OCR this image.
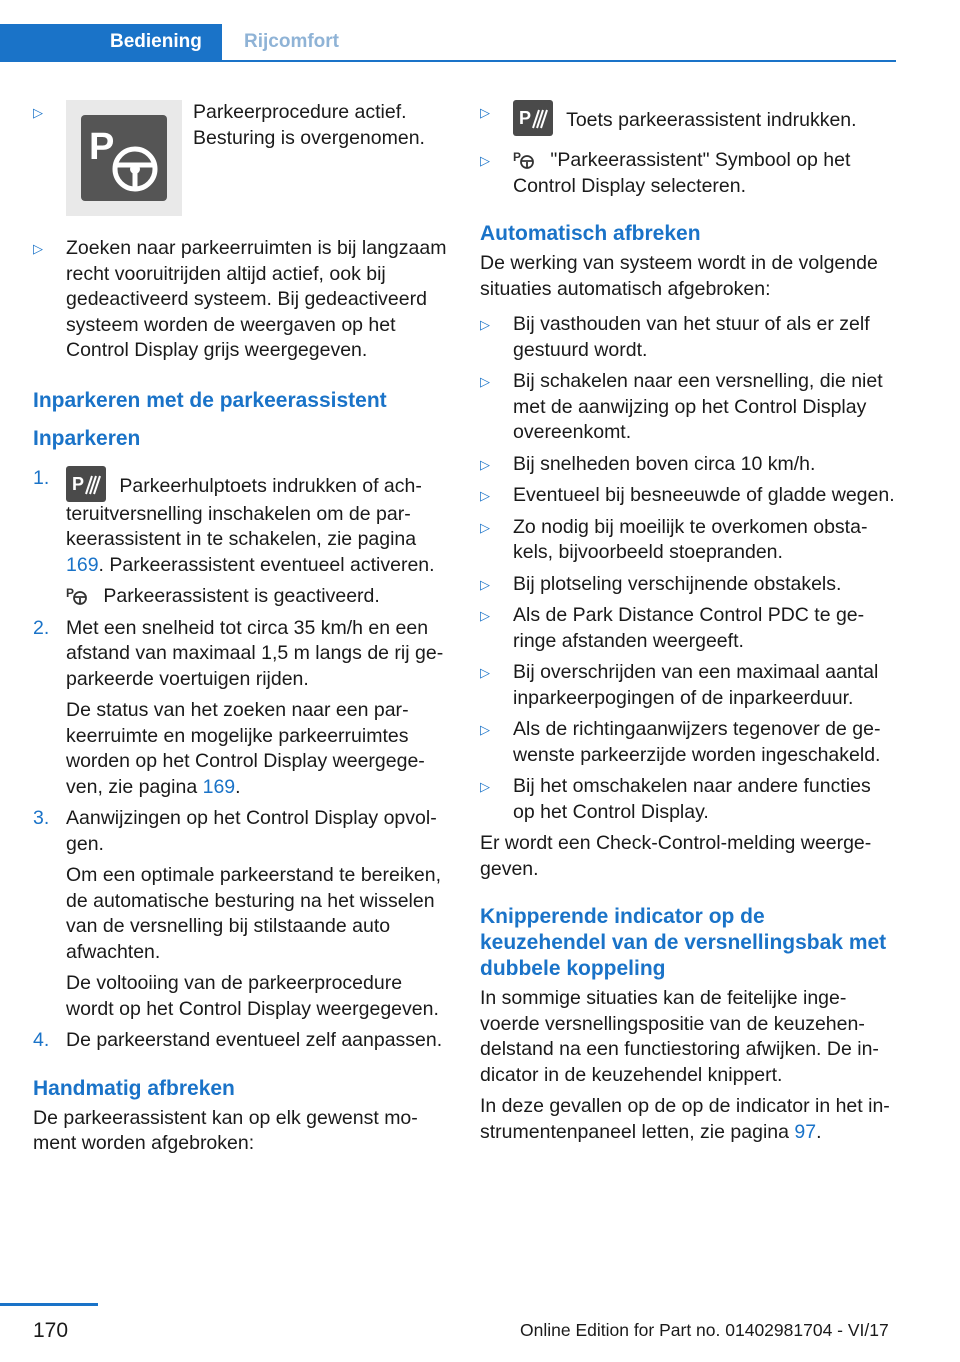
Bediening	Rijcomfort
▷
P
Parkeerprocedure actief. Besturing is overgenomen.
▷ Zoeken naar parkeerruimten is bij langzaam recht vooruitrijden altijd actief, ook bij gedeactiveerd systeem. Bij gedeactiveerd systeem worden de weergaven op het Control Display grijs weergegeven.
Inparkeren met de parkeerassistent
Inparkeren
1. P Parkeerhulptoets indrukken of achteruitversnelling inschakelen om de parkeerassistent in te schakelen, zie pagina 169. Parkeerassistent eventueel activeren.
P Parkeerassistent is geactiveerd.
2. Met een snelheid tot circa 35 km/h en een afstand van maximaal 1,5 m langs de rij geparkeerde voertuigen rijden.
De status van het zoeken naar een parkeerruimte en mogelijke parkeerruimtes worden op het Control Display weergegeven, zie pagina 169.
3. Aanwijzingen op het Control Display opvolgen.
Om een optimale parkeerstand te bereiken, de automatische besturing na het wisselen van de versnelling bij stilstaande auto afwachten.
De voltooiing van de parkeerprocedure wordt op het Control Display weergegeven.
4. De parkeerstand eventueel zelf aanpassen.
Handmatig afbreken
De parkeerassistent kan op elk gewenst moment worden afgebroken:
▷ P Toets parkeerassistent indrukken.
▷ P "Parkeerassistent" Symbool op het Control Display selecteren.
Automatisch afbreken
De werking van systeem wordt in de volgende situaties automatisch afgebroken:
▷ Bij vasthouden van het stuur of als er zelf gestuurd wordt.
▷ Bij schakelen naar een versnelling, die niet met de aanwijzing op het Control Display overeenkomt.
▷ Bij snelheden boven circa 10 km/h.
▷ Eventueel bij besneeuwde of gladde wegen.
▷ Zo nodig bij moeilijk te overkomen obstakels, bijvoorbeeld stoepranden.
▷ Bij plotseling verschijnende obstakels.
▷ Als de Park Distance Control PDC te geringe afstanden weergeeft.
▷ Bij overschrijden van een maximaal aantal inparkeerpogingen of de inparkeerduur.
▷ Als de richtingaanwijzers tegenover de gewenste parkeerzijde worden ingeschakeld.
▷ Bij het omschakelen naar andere functies op het Control Display.
Er wordt een Check-Control-melding weergegeven.
Knipperende indicator op de keuzehendel van de versnellingsbak met dubbele koppeling
In sommige situaties kan de feitelijke ingevoerde versnellingspositie van de keuzehendelstand na een functiestoring afwijken. De indicator in de keuzehendel knippert.
In deze gevallen op de op de indicator in het instrumentenpaneel letten, zie pagina 97.
170	Online Edition for Part no. 01402981704 - VI/17
